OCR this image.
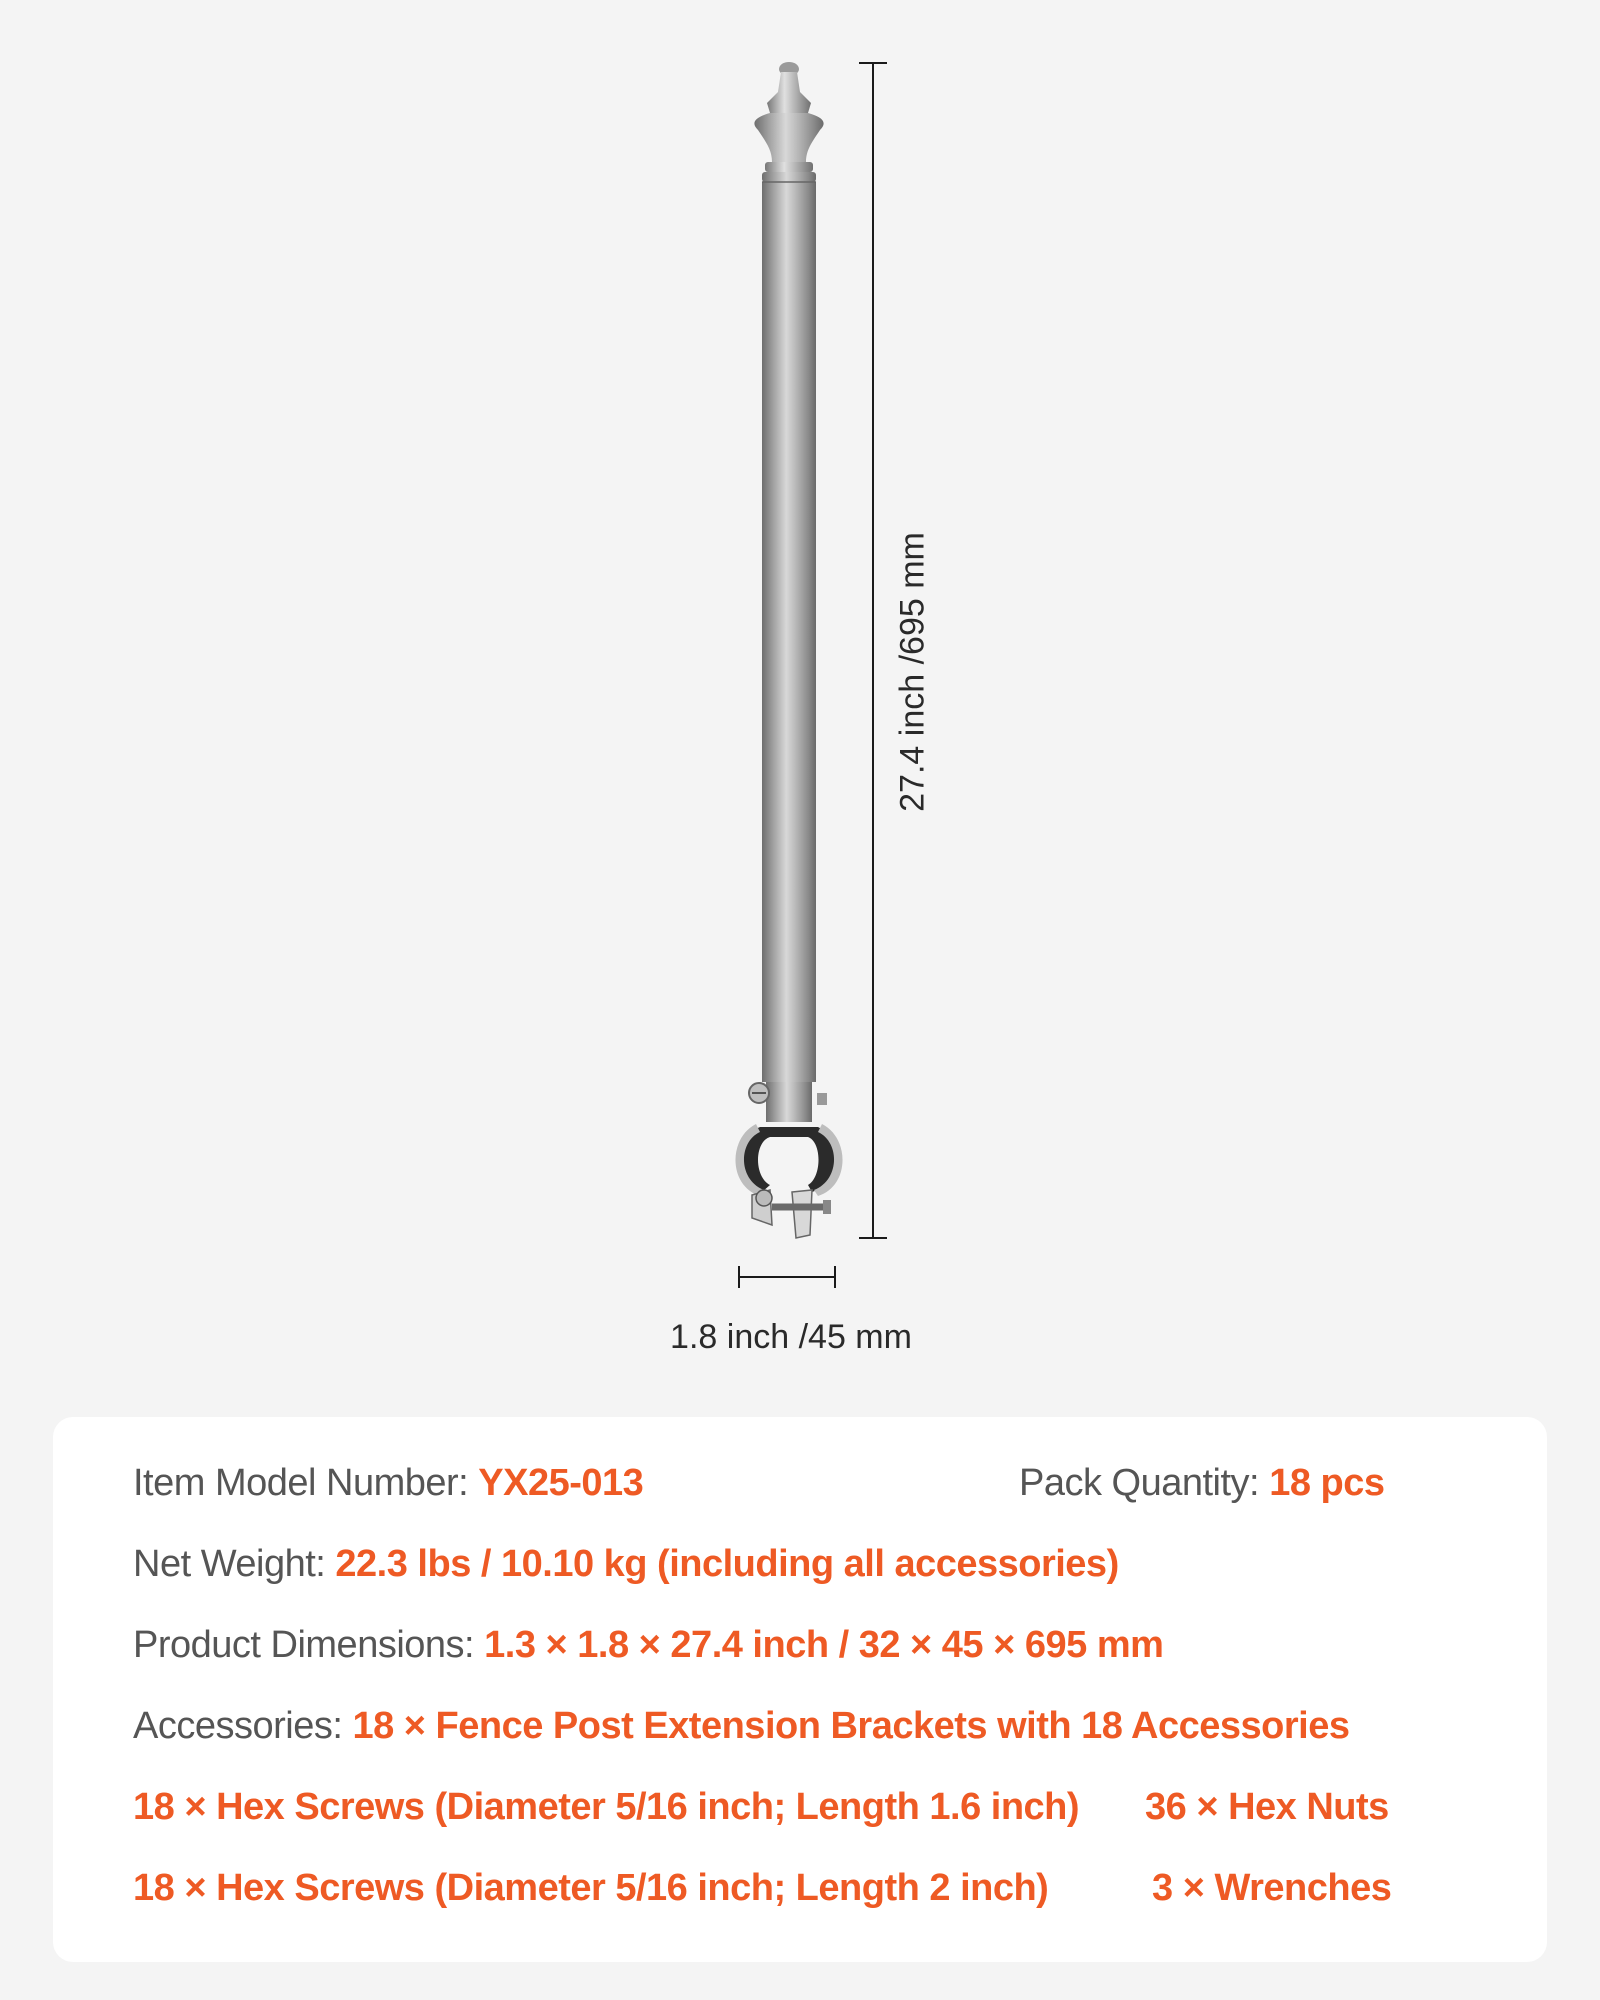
27.4 inch /695 mm
1.8 inch /45 mm
Item Model Number: YX25-013	Pack Quantity: 18 pcs
Net Weight: 22.3 lbs / 10.10 kg (including all accessories)
Product Dimensions: 1.3 × 1.8 × 27.4 inch / 32 × 45 × 695 mm
Accessories: 18 × Fence Post Extension Brackets with 18 Accessories
18 × Hex Screws (Diameter 5/16 inch; Length 1.6 inch) 36 × Hex Nuts
18 × Hex Screws (Diameter 5/16 inch; Length 2 inch)	3 × Wrenches
